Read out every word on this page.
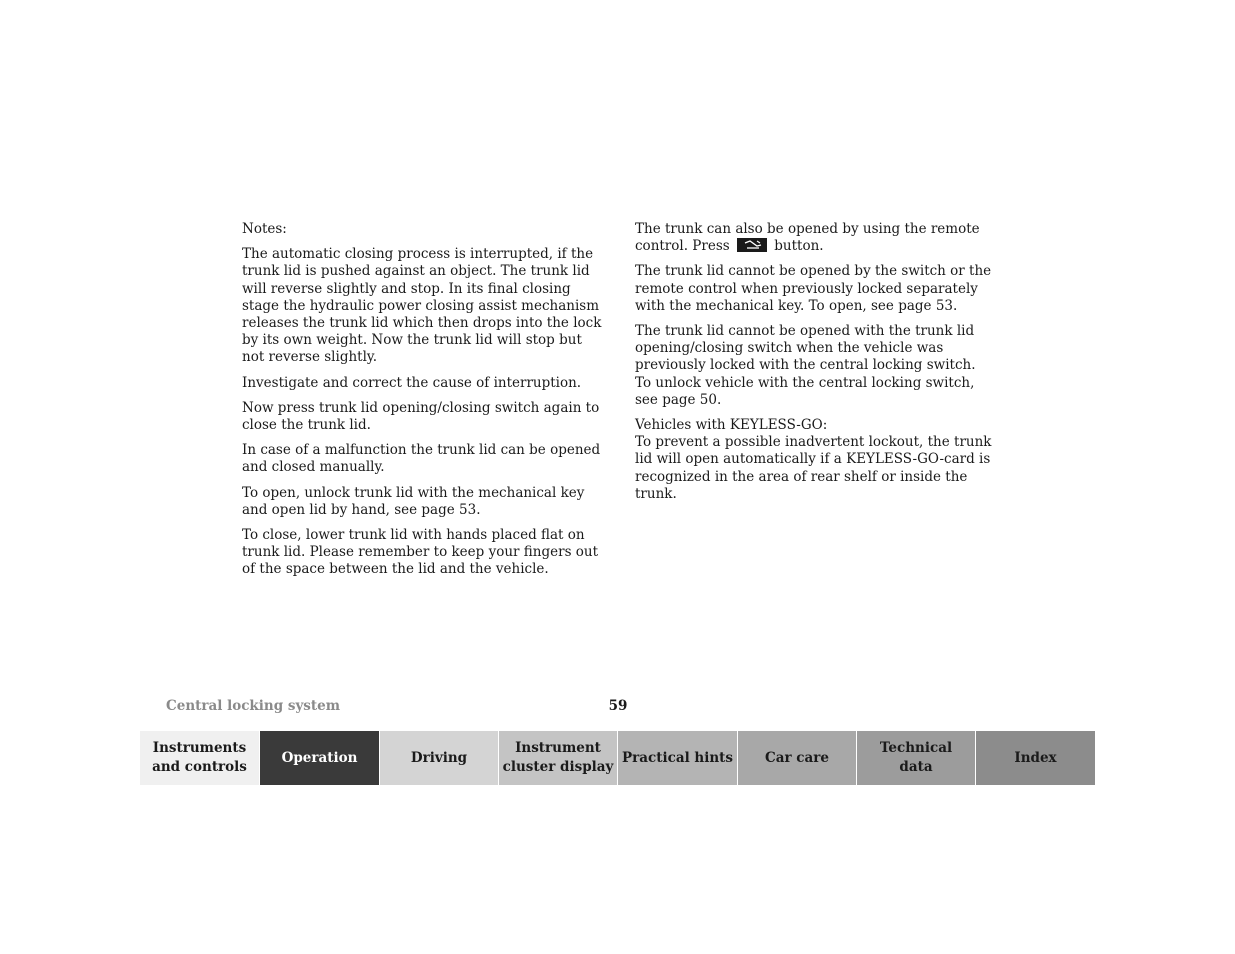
Notes:

The automatic closing process is interrupted, if the trunk lid is pushed against an object. The trunk lid will reverse slightly and stop. In its final closing stage the hydraulic power closing assist mechanism releases the trunk lid which then drops into the lock by its own weight. Now the trunk lid will stop but not reverse slightly.

Investigate and correct the cause of interruption.

Now press trunk lid opening/closing switch again to close the trunk lid.

In case of a malfunction the trunk lid can be opened and closed manually.

To open, unlock trunk lid with the mechanical key and open lid by hand, see page 53.

To close, lower trunk lid with hands placed flat on trunk lid. Please remember to keep your fingers out of the space between the lid and the vehicle.

The trunk can also be opened by using the remote control. Press	button.

The trunk lid cannot be opened by the switch or the remote control when previously locked separately with the mechanical key. To open, see page 53.

The trunk lid cannot be opened with the trunk lid opening/closing switch when the vehicle was previously locked with the central locking switch. To unlock vehicle with the central locking switch, see page 50.

Vehicles with KEYLESS-GO:
To prevent a possible inadvertent lockout, the trunk lid will open automatically if a KEYLESS-GO-card is recognized in the area of rear shelf or inside the trunk.

Central locking system	59
Instruments
and controls
Operation	Driving
Instrument
cluster display
Practical hints	Car care
Technical
data
Index
